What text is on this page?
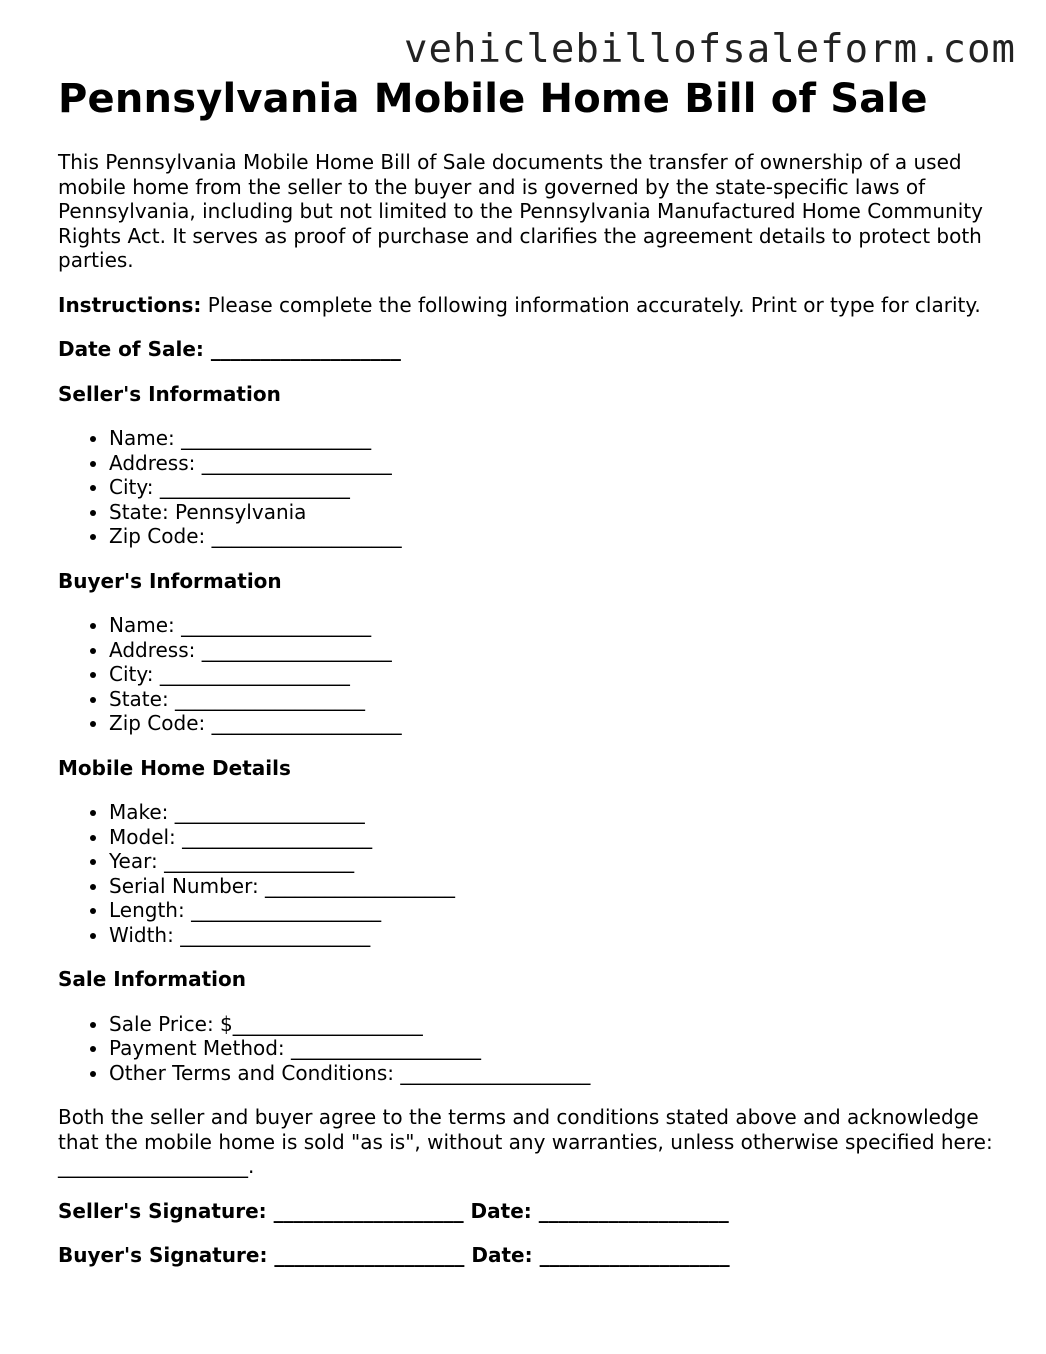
vehiclebillofsaleform.com
Pennsylvania Mobile Home Bill of Sale

This Pennsylvania Mobile Home Bill of Sale documents the transfer of ownership of a used mobile home from the seller to the buyer and is governed by the state-specific laws of Pennsylvania, including but not limited to the Pennsylvania Manufactured Home Community Rights Act. It serves as proof of purchase and clarifies the agreement details to protect both parties.

Instructions: Please complete the following information accurately. Print or type for clarity.

Date of Sale: ___________________

Seller's Information
• Name: ___________________
• Address: ___________________
• City: ___________________
• State: Pennsylvania
• Zip Code: ___________________
Buyer's Information
• Name: ___________________
• Address: ___________________
• City: ___________________
• State: ___________________
• Zip Code: ___________________
Mobile Home Details
• Make: ___________________
• Model: ___________________
• Year: ___________________
• Serial Number: ___________________
• Length: ___________________
• Width: ___________________
Sale Information
• Sale Price: $___________________
• Payment Method: ___________________
• Other Terms and Conditions: ___________________

Both the seller and buyer agree to the terms and conditions stated above and acknowledge that the mobile home is sold "as is", without any warranties, unless otherwise specified here: ___________________.

Seller's Signature: ___________________ Date: ___________________

Buyer's Signature: ___________________ Date: ___________________
